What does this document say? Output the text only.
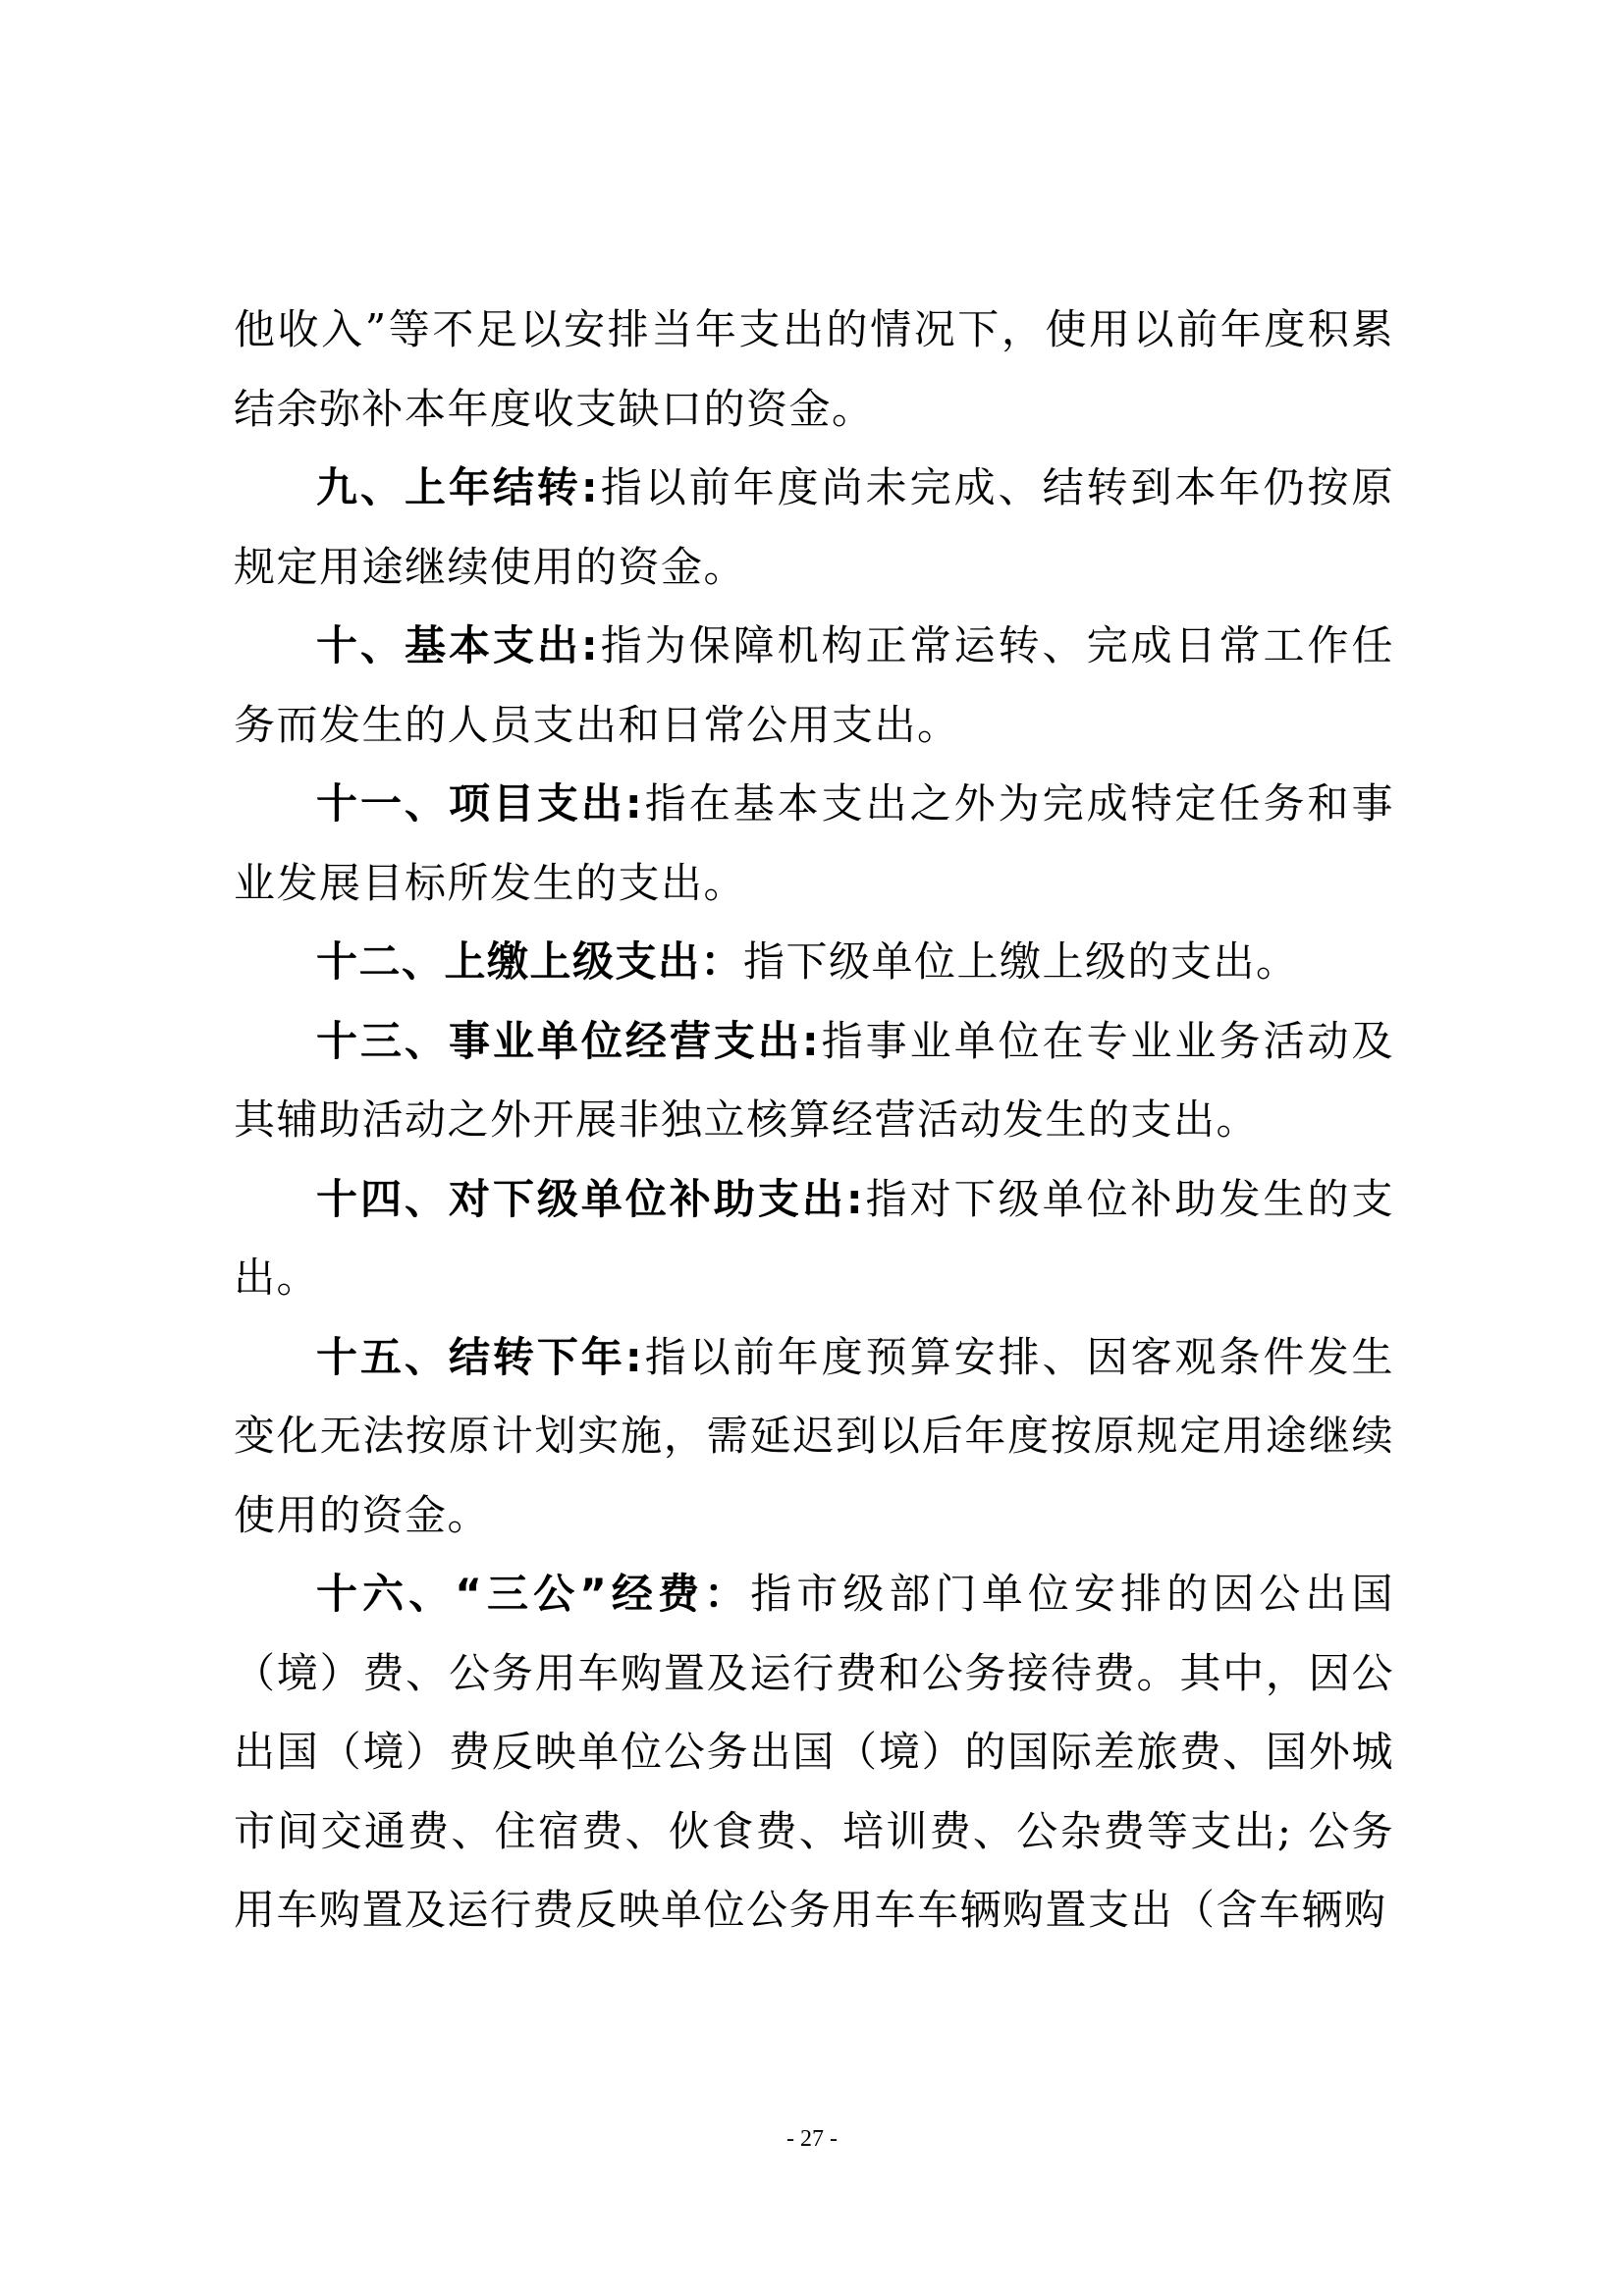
他收入”等不足以安排当年支出的情况下，使用以前年度积累结余弥补本年度收支缺口的资金。

九、上年结转:指以前年度尚未完成、结转到本年仍按原规定用途继续使用的资金。

十、基本支出:指为保障机构正常运转、完成日常工作任务而发生的人员支出和日常公用支出。

十一、项目支出:指在基本支出之外为完成特定任务和事业发展目标所发生的支出。

十二、上缴上级支出：指下级单位上缴上级的支出。

十三、事业单位经营支出:指事业单位在专业业务活动及其辅助活动之外开展非独立核算经营活动发生的支出。

十四、对下级单位补助支出:指对下级单位补助发生的支出。

十五、结转下年:指以前年度预算安排、因客观条件发生变化无法按原计划实施，需延迟到以后年度按原规定用途继续使用的资金。

十六、“三公”经费：指市级部门单位安排的因公出国（境）费、公务用车购置及运行费和公务接待费。其中，因公出国（境）费反映单位公务出国（境）的国际差旅费、国外城市间交通费、住宿费、伙食费、培训费、公杂费等支出; 公务用车购置及运行费反映单位公务用车车辆购置支出（含车辆购

- 27 -
